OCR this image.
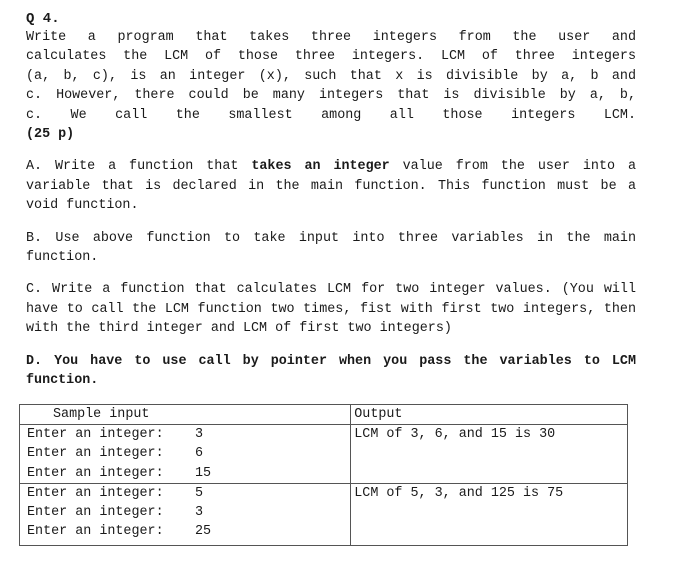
Q 4.

Write a program that takes three integers from the user and

calculates the LCM of those three integers. LCM of three integers

(a, b, c), is an integer (x), such that x is divisible by a, b and

c. However, there could be many integers that is divisible by a, b,

c. We call the smallest among all those integers LCM.

(25 p)

A. Write a function that takes an integer value from the user into a variable that is declared in the main function. This function must be a void function.

B. Use above function to take input into three variables in the main function.

C. Write a function that calculates LCM for two integer values. (You will have to call the LCM function two times, fist with first two integers, then with the third integer and LCM of first two integers)

D. You have to use call by pointer when you pass the variables to LCM function.

Sample input	Output

Enter an integer: 3
Enter an integer: 6
Enter an integer: 15	LCM of 3, 6, and 15 is 30

Enter an integer: 5
Enter an integer: 3
Enter an integer: 25	LCM of 5, 3, and 125 is 75
